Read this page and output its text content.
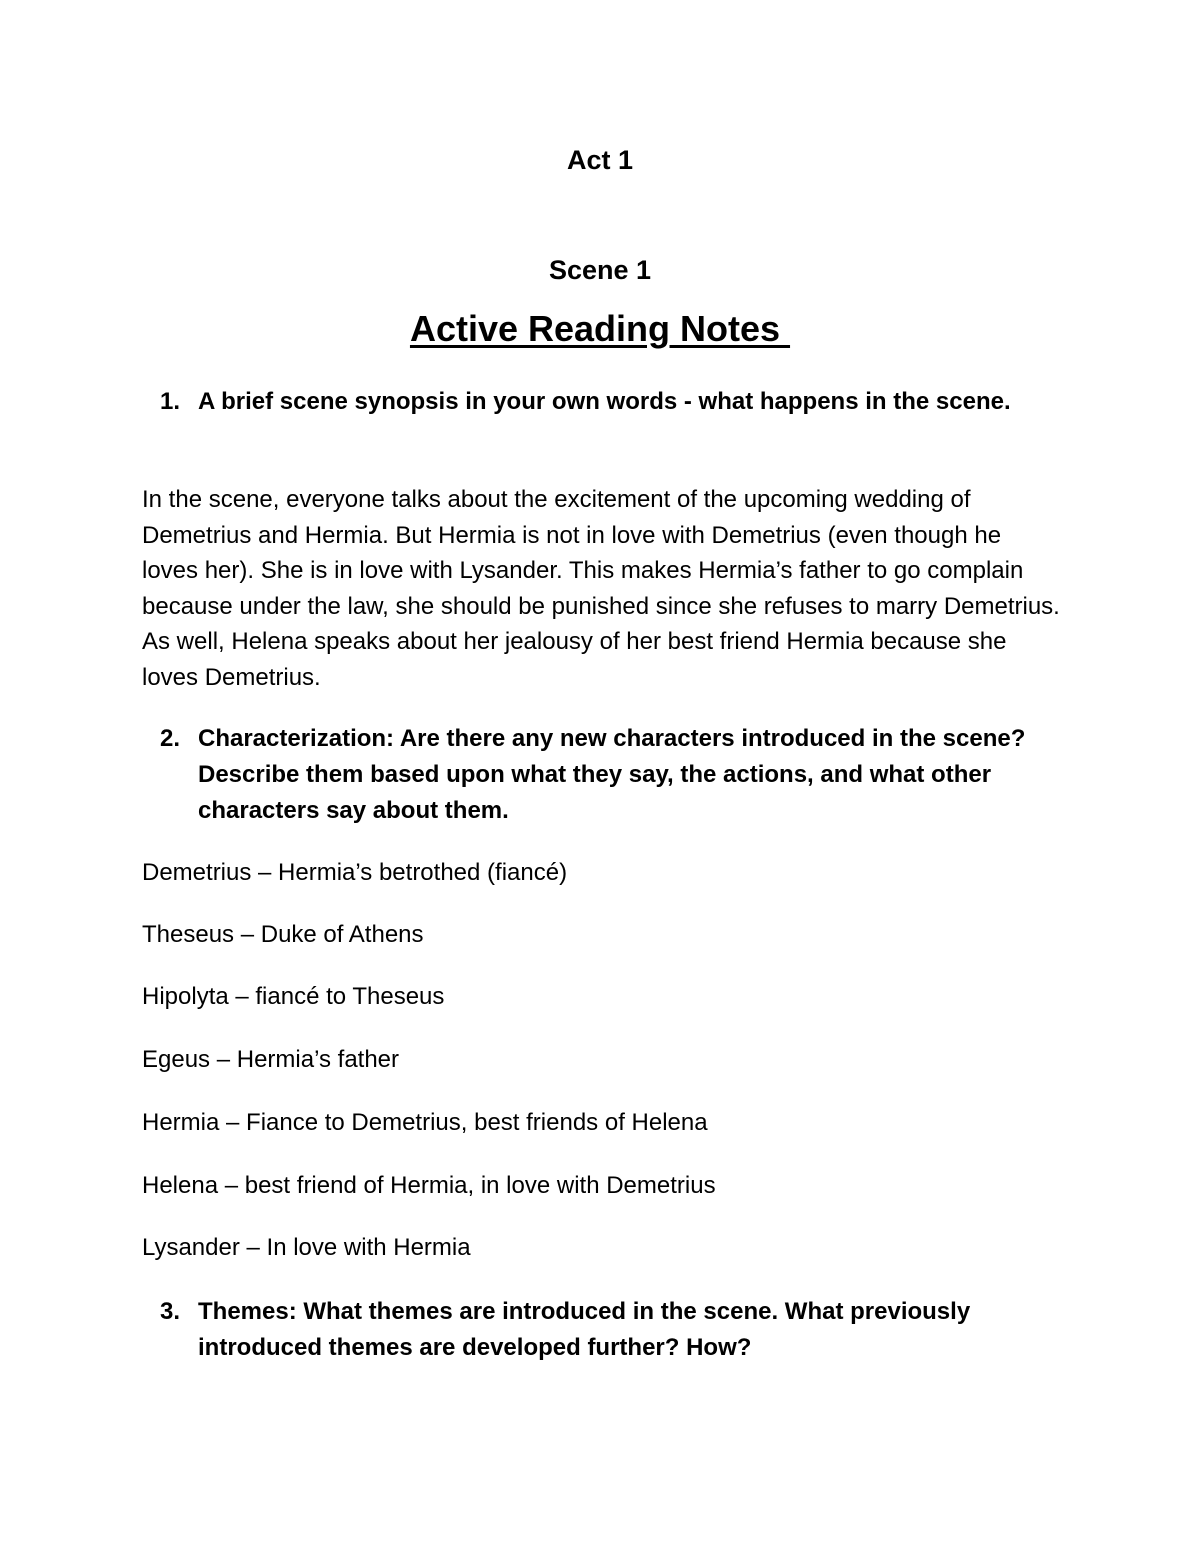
Act 1
Scene 1
Active Reading Notes
1. A brief scene synopsis in your own words - what happens in the scene.
In the scene, everyone talks about the excitement of the upcoming wedding of Demetrius and Hermia. But Hermia is not in love with Demetrius (even though he loves her). She is in love with Lysander. This makes Hermia’s father to go complain because under the law, she should be punished since she refuses to marry Demetrius. As well, Helena speaks about her jealousy of her best friend Hermia because she loves Demetrius.
2. Characterization: Are there any new characters introduced in the scene? Describe them based upon what they say, the actions, and what other characters say about them.
Demetrius – Hermia’s betrothed (fiancé)
Theseus – Duke of Athens
Hipolyta – fiancé to Theseus
Egeus – Hermia’s father
Hermia – Fiance to Demetrius, best friends of Helena
Helena – best friend of Hermia, in love with Demetrius
Lysander – In love with Hermia
3. Themes: What themes are introduced in the scene. What previously introduced themes are developed further? How?
